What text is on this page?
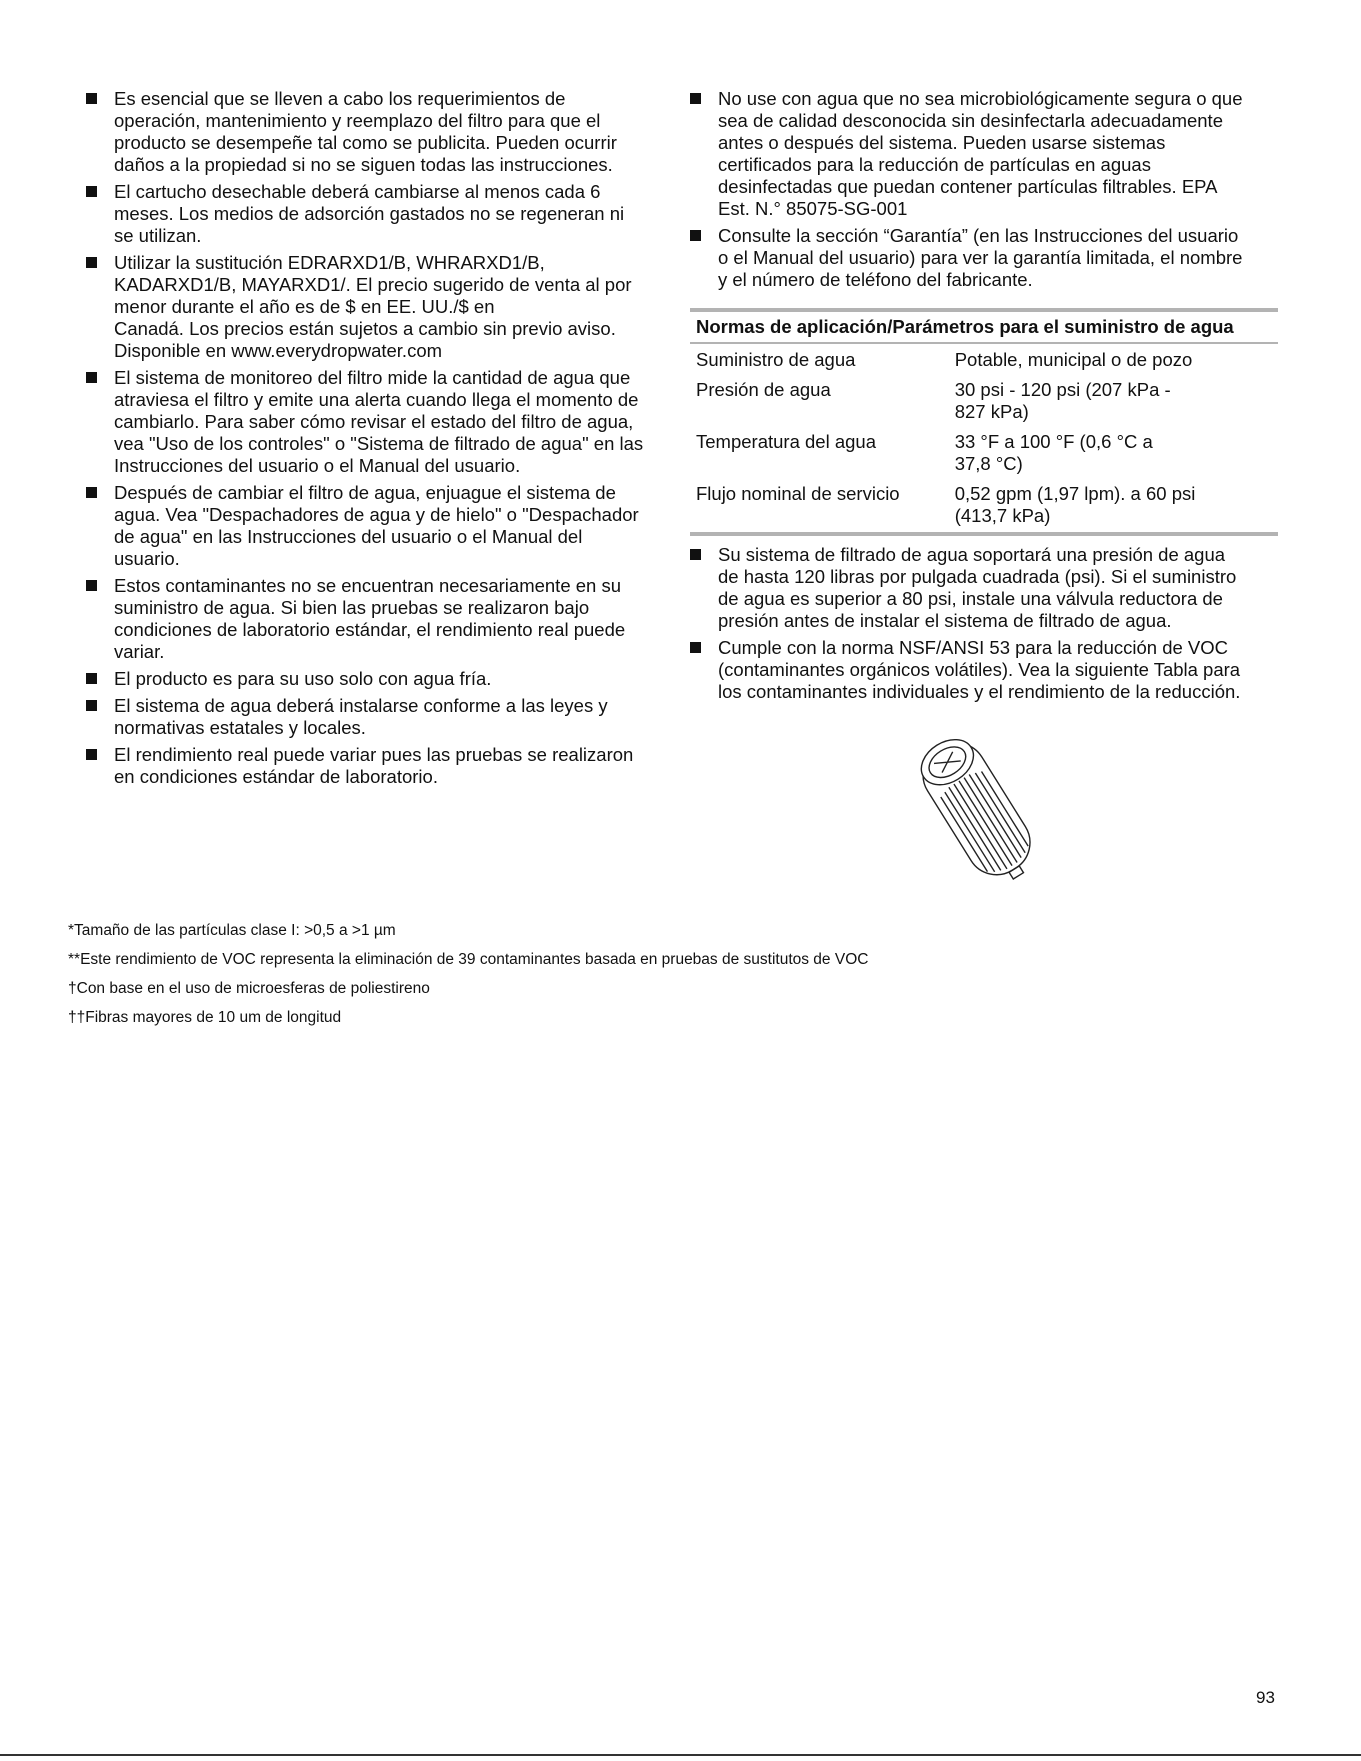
Es esencial que se lleven a cabo los requerimientos de
operación, mantenimiento y reemplazo del filtro para que el
producto se desempeñe tal como se publicita. Pueden ocurrir
daños a la propiedad si no se siguen todas las instrucciones.
El cartucho desechable deberá cambiarse al menos cada 6
meses. Los medios de adsorción gastados no se regeneran ni
se utilizan.
Utilizar la sustitución EDRARXD1/B, WHRARXD1/B,
KADARXD1/B, MAYARXD1/. El precio sugerido de venta al por
menor durante el año es de $ en EE. UU./$ en
Canadá. Los precios están sujetos a cambio sin previo aviso.
Disponible en www.everydropwater.com
El sistema de monitoreo del filtro mide la cantidad de agua que
atraviesa el filtro y emite una alerta cuando llega el momento de
cambiarlo. Para saber cómo revisar el estado del filtro de agua,
vea "Uso de los controles" o "Sistema de filtrado de agua" en las
Instrucciones del usuario o el Manual del usuario.
Después de cambiar el filtro de agua, enjuague el sistema de
agua. Vea "Despachadores de agua y de hielo" o "Despachador
de agua" en las Instrucciones del usuario o el Manual del
usuario.
Estos contaminantes no se encuentran necesariamente en su
suministro de agua. Si bien las pruebas se realizaron bajo
condiciones de laboratorio estándar, el rendimiento real puede
variar.
El producto es para su uso solo con agua fría.
El sistema de agua deberá instalarse conforme a las leyes y
normativas estatales y locales.
El rendimiento real puede variar pues las pruebas se realizaron
en condiciones estándar de laboratorio.
No use con agua que no sea microbiológicamente segura o que
sea de calidad desconocida sin desinfectarla adecuadamente
antes o después del sistema. Pueden usarse sistemas
certificados para la reducción de partículas en aguas
desinfectadas que puedan contener partículas filtrables. EPA
Est. N.° 85075-SG-001
Consulte la sección “Garantía” (en las Instrucciones del usuario
o el Manual del usuario) para ver la garantía limitada, el nombre
y el número de teléfono del fabricante.
Normas de aplicación/Parámetros para el suministro de agua	
Suministro de agua	Potable, municipal o de pozo
Presión de agua	30 psi - 120 psi (207 kPa -
827 kPa)
Temperatura del agua	33 °F a 100 °F (0,6 °C a
37,8 °C)
Flujo nominal de servicio	0,52 gpm (1,97 lpm). a 60 psi
(413,7 kPa)
Su sistema de filtrado de agua soportará una presión de agua
de hasta 120 libras por pulgada cuadrada (psi). Si el suministro
de agua es superior a 80 psi, instale una válvula reductora de
presión antes de instalar el sistema de filtrado de agua.
Cumple con la norma NSF/ANSI 53 para la reducción de VOC
(contaminantes orgánicos volátiles). Vea la siguiente Tabla para
los contaminantes individuales y el rendimiento de la reducción.

*Tamaño de las partículas clase I: >0,5 a >1 µm

**Este rendimiento de VOC representa la eliminación de 39 contaminantes basada en pruebas de sustitutos de VOC

†Con base en el uso de microesferas de poliestireno

††Fibras mayores de 10 um de longitud

93
